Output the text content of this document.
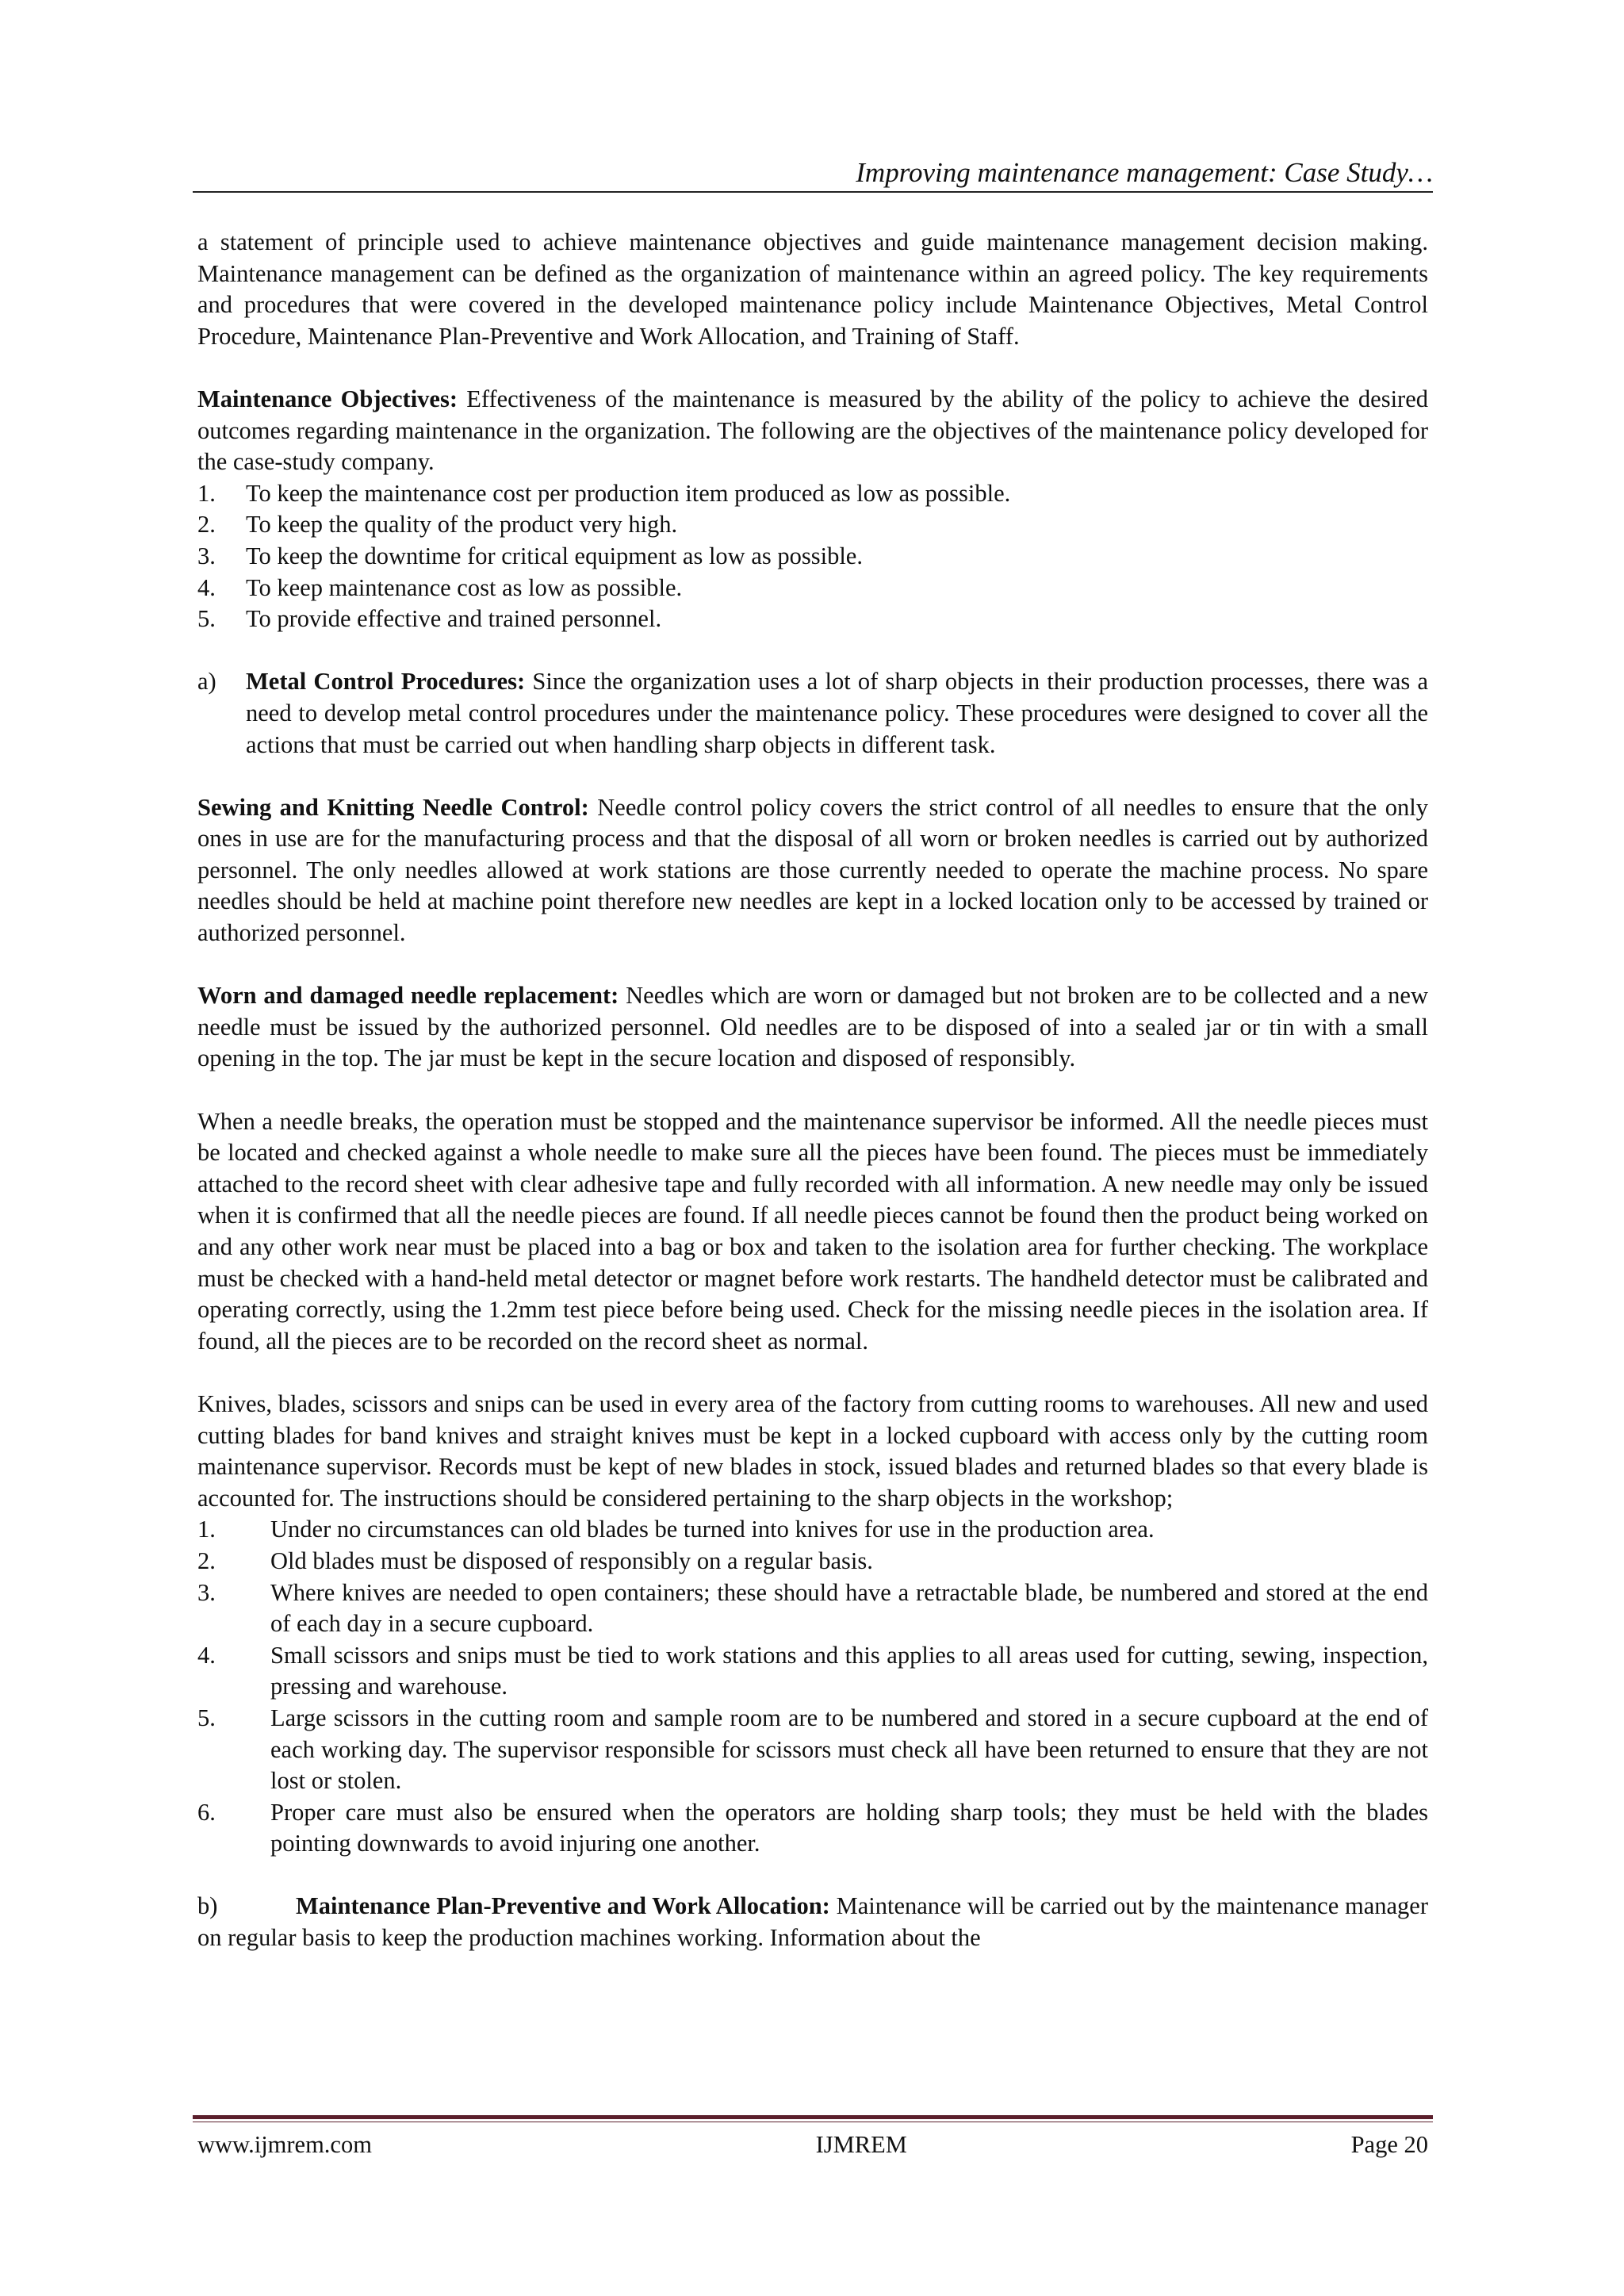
Improving maintenance management: Case Study…

a statement of principle used to achieve maintenance objectives and guide maintenance management decision making. Maintenance management can be defined as the organization of maintenance within an agreed policy. The key requirements and procedures that were covered in the developed maintenance policy include Maintenance Objectives, Metal Control Procedure, Maintenance Plan-Preventive and Work Allocation, and Training of Staff.

Maintenance Objectives: Effectiveness of the maintenance is measured by the ability of the policy to achieve the desired outcomes regarding maintenance in the organization. The following are the objectives of the maintenance policy developed for the case-study company.

1.	To keep the maintenance cost per production item produced as low as possible.
2.	To keep the quality of the product very high.
3.	To keep the downtime for critical equipment as low as possible.
4.	To keep maintenance cost as low as possible.
5.	To provide effective and trained personnel.
a)	Metal Control Procedures: Since the organization uses a lot of sharp objects in their production processes, there was a need to develop metal control procedures under the maintenance policy. These procedures were designed to cover all the actions that must be carried out when handling sharp objects in different task.

Sewing and Knitting Needle Control: Needle control policy covers the strict control of all needles to ensure that the only ones in use are for the manufacturing process and that the disposal of all worn or broken needles is carried out by authorized personnel. The only needles allowed at work stations are those currently needed to operate the machine process. No spare needles should be held at machine point therefore new needles are kept in a locked location only to be accessed by trained or authorized personnel.

Worn and damaged needle replacement: Needles which are worn or damaged but not broken are to be collected and a new needle must be issued by the authorized personnel. Old needles are to be disposed of into a sealed jar or tin with a small opening in the top. The jar must be kept in the secure location and disposed of responsibly.

When a needle breaks, the operation must be stopped and the maintenance supervisor be informed. All the needle pieces must be located and checked against a whole needle to make sure all the pieces have been found. The pieces must be immediately attached to the record sheet with clear adhesive tape and fully recorded with all information. A new needle may only be issued when it is confirmed that all the needle pieces are found. If all needle pieces cannot be found then the product being worked on and any other work near must be placed into a bag or box and taken to the isolation area for further checking. The workplace must be checked with a hand-held metal detector or magnet before work restarts. The handheld detector must be calibrated and operating correctly, using the 1.2mm test piece before being used. Check for the missing needle pieces in the isolation area. If found, all the pieces are to be recorded on the record sheet as normal.

Knives, blades, scissors and snips can be used in every area of the factory from cutting rooms to warehouses. All new and used cutting blades for band knives and straight knives must be kept in a locked cupboard with access only by the cutting room maintenance supervisor. Records must be kept of new blades in stock, issued blades and returned blades so that every blade is accounted for. The instructions should be considered pertaining to the sharp objects in the workshop;

1.	Under no circumstances can old blades be turned into knives for use in the production area.
2.	Old blades must be disposed of responsibly on a regular basis.
3.	Where knives are needed to open containers; these should have a retractable blade, be numbered and stored at the end of each day in a secure cupboard.
4.	Small scissors and snips must be tied to work stations and this applies to all areas used for cutting, sewing, inspection, pressing and warehouse.
5.	Large scissors in the cutting room and sample room are to be numbered and stored in a secure cupboard at the end of each working day. The supervisor responsible for scissors must check all have been returned to ensure that they are not lost or stolen.
6.	Proper care must also be ensured when the operators are holding sharp tools; they must be held with the blades pointing downwards to avoid injuring one another.

b)	Maintenance Plan-Preventive and Work Allocation: Maintenance will be carried out by the maintenance manager on regular basis to keep the production machines working. Information about the

www.ijmrem.com	IJMREM	Page 20
